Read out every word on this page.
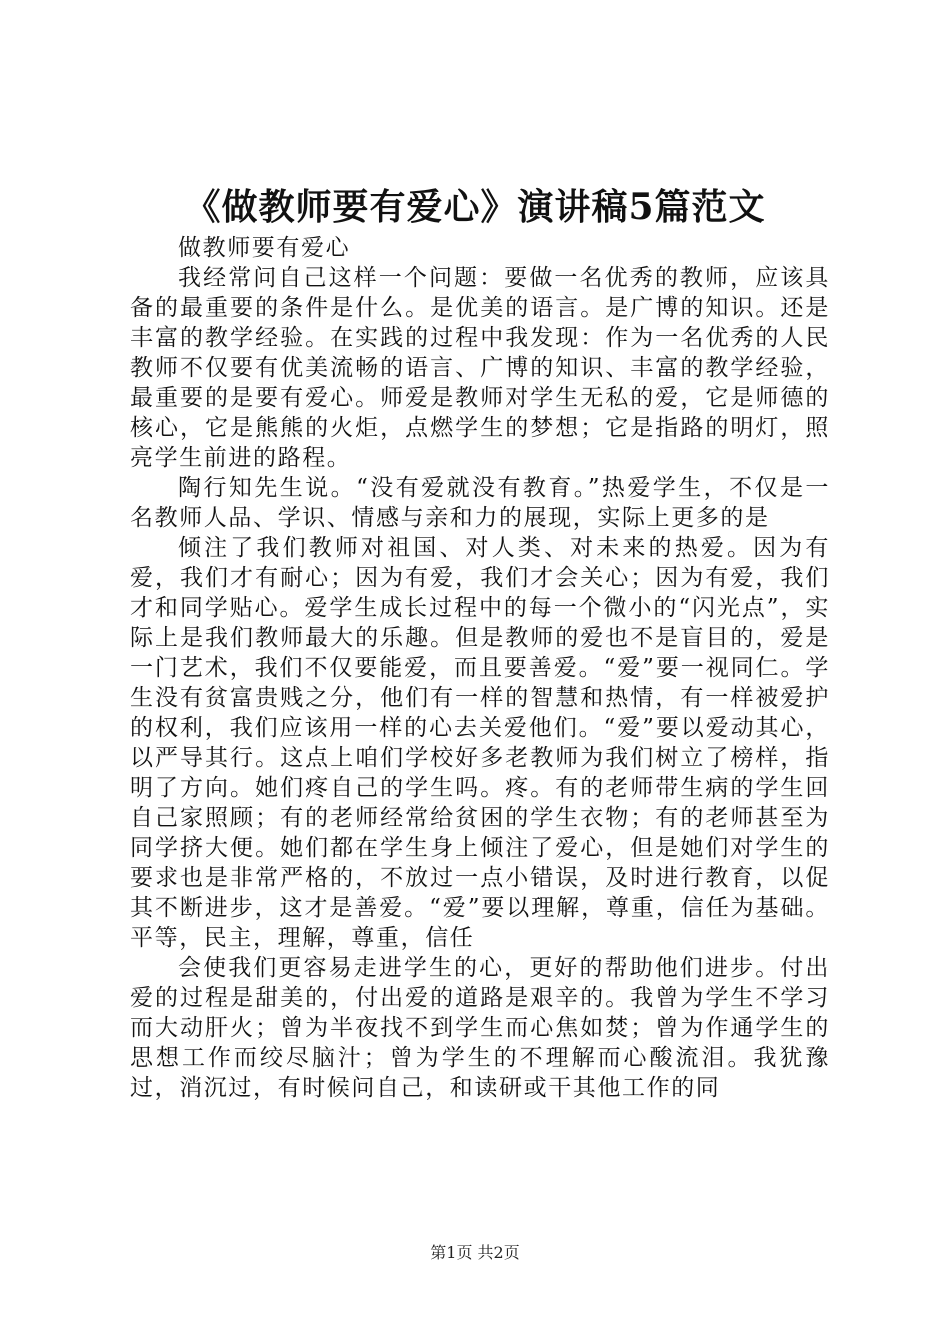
《做教师要有爱心》演讲稿5篇范文

做教师要有爱心

我经常问自己这样一个问题：要做一名优秀的教师，应该具备的最重要的条件是什么。是优美的语言。是广博的知识。还是丰富的教学经验。在实践的过程中我发现：作为一名优秀的人民教师不仅要有优美流畅的语言、广博的知识、丰富的教学经验，最重要的是要有爱心。师爱是教师对学生无私的爱，它是师德的核心，它是熊熊的火炬，点燃学生的梦想；它是指路的明灯，照亮学生前进的路程。

陶行知先生说。“没有爱就没有教育。”热爱学生，不仅是一名教师人品、学识、情感与亲和力的展现，实际上更多的是

倾注了我们教师对祖国、对人类、对未来的热爱。因为有爱，我们才有耐心；因为有爱，我们才会关心；因为有爱，我们才和同学贴心。爱学生成长过程中的每一个微小的“闪光点”，实际上是我们教师最大的乐趣。但是教师的爱也不是盲目的，爱是一门艺术，我们不仅要能爱，而且要善爱。“爱”要一视同仁。学生没有贫富贵贱之分，他们有一样的智慧和热情，有一样被爱护的权利，我们应该用一样的心去关爱他们。“爱”要以爱动其心，以严导其行。这点上咱们学校好多老教师为我们树立了榜样，指明了方向。她们疼自己的学生吗。疼。有的老师带生病的学生回自己家照顾；有的老师经常给贫困的学生衣物；有的老师甚至为同学挤大便。她们都在学生身上倾注了爱心，但是她们对学生的要求也是非常严格的，不放过一点小错误，及时进行教育，以促其不断进步，这才是善爱。“爱”要以理解，尊重，信任为基础。平等，民主，理解，尊重，信任

会使我们更容易走进学生的心，更好的帮助他们进步。付出爱的过程是甜美的，付出爱的道路是艰辛的。我曾为学生不学习而大动肝火；曾为半夜找不到学生而心焦如焚；曾为作通学生的思想工作而绞尽脑汁；曾为学生的不理解而心酸流泪。我犹豫过，消沉过，有时候问自己，和读研或干其他工作的同

第1页 共2页
